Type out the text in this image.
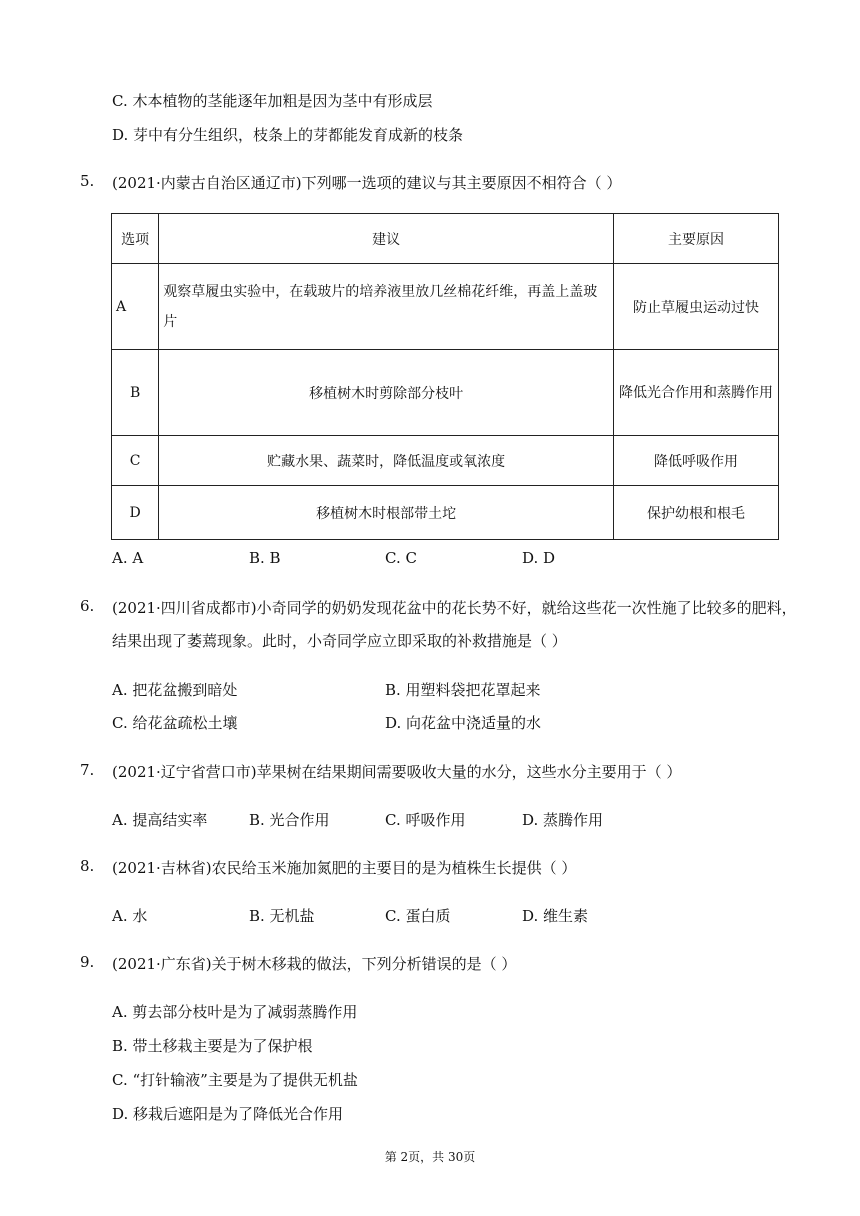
C. 木本植物的茎能逐年加粗是因为茎中有形成层
D. 芽中有分生组织，枝条上的芽都能发育成新的枝条
5. (2021·内蒙古自治区通辽市)下列哪一选项的建议与其主要原因不相符合（ ）
选项	建议	主要原因
A	观察草履虫实验中，在载玻片的培养液里放几丝棉花纤维，再盖上盖玻片	防止草履虫运动过快
B	移植树木时剪除部分枝叶	降低光合作用和蒸腾作用
C	贮藏水果、蔬菜时，降低温度或氧浓度	降低呼吸作用
D	移植树木时根部带土坨	保护幼根和根毛
A. A	B. B	C. C	D. D
6. (2021·四川省成都市)小奇同学的奶奶发现花盆中的花长势不好，就给这些花一次性施了比较多的肥料，
结果出现了萎蔫现象。此时，小奇同学应立即采取的补救措施是（ ）
A. 把花盆搬到暗处	B. 用塑料袋把花罩起来
C. 给花盆疏松土壤	D. 向花盆中浇适量的水
7. (2021·辽宁省营口市)苹果树在结果期间需要吸收大量的水分，这些水分主要用于（ ）
A. 提高结实率	B. 光合作用	C. 呼吸作用	D. 蒸腾作用
8. (2021·吉林省)农民给玉米施加氮肥的主要目的是为植株生长提供（ ）
A. 水	B. 无机盐	C. 蛋白质	D. 维生素
9. (2021·广东省)关于树木移栽的做法，下列分析错误的是（ ）
A. 剪去部分枝叶是为了减弱蒸腾作用
B. 带土移栽主要是为了保护根
C. “打针输液”主要是为了提供无机盐
D. 移栽后遮阳是为了降低光合作用
第 2页，共 30页
